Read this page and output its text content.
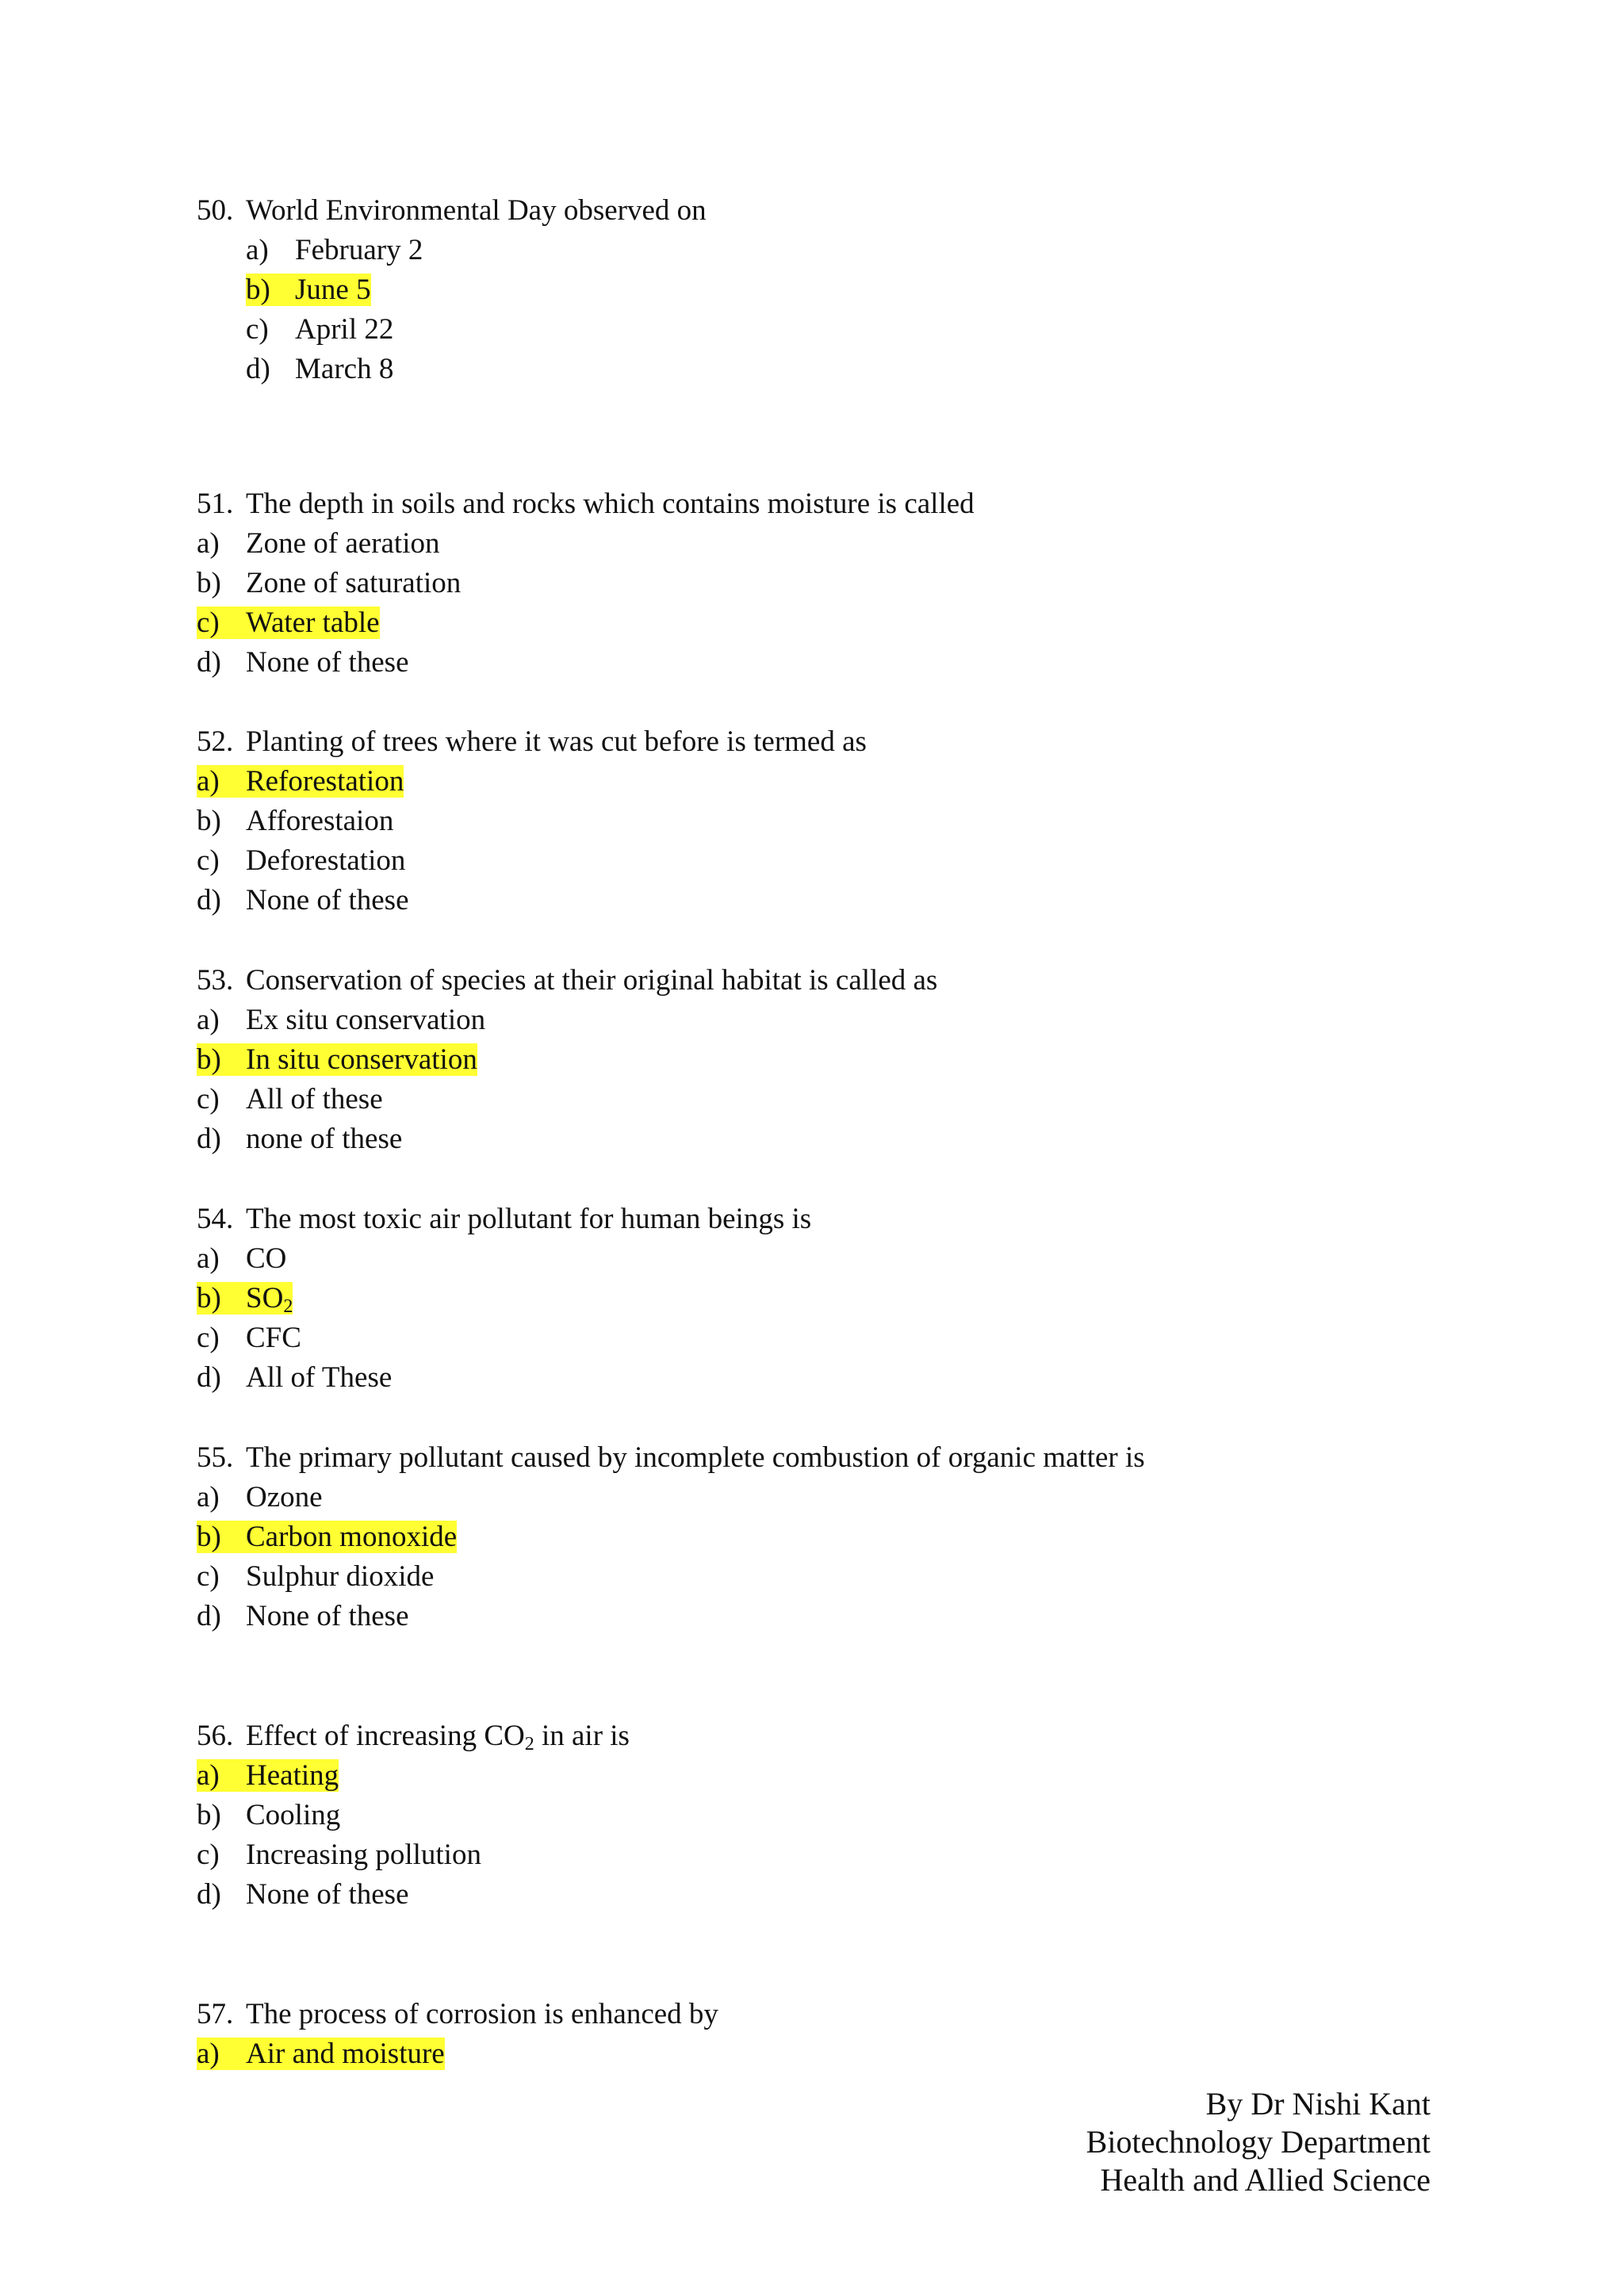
50. World Environmental Day observed on
a) February 2
b) June 5
c) April 22
d) March 8
51. The depth in soils and rocks which contains moisture is called
a) Zone of aeration
b) Zone of saturation
c) Water table
d) None of these
52. Planting of trees where it was cut before is termed as
a) Reforestation
b) Afforestaion
c) Deforestation
d) None of these
53. Conservation of species at their original habitat is called as
a) Ex situ conservation
b) In situ conservation
c) All of these
d) none of these
54. The most toxic air pollutant for human beings is
a) CO
b) $SO_2$
c) CFC
d) All of These
55. The primary pollutant caused by incomplete combustion of organic matter is
a) Ozone
b) Carbon monoxide
c) Sulphur dioxide
d) None of these
56. Effect of increasing $CO_2$ in air is
a) Heating
b) Cooling
c) Increasing pollution
d) None of these
57. The process of corrosion is enhanced by
a) Air and moisture
By Dr Nishi Kant
Biotechnology Department
Health and Allied Science
